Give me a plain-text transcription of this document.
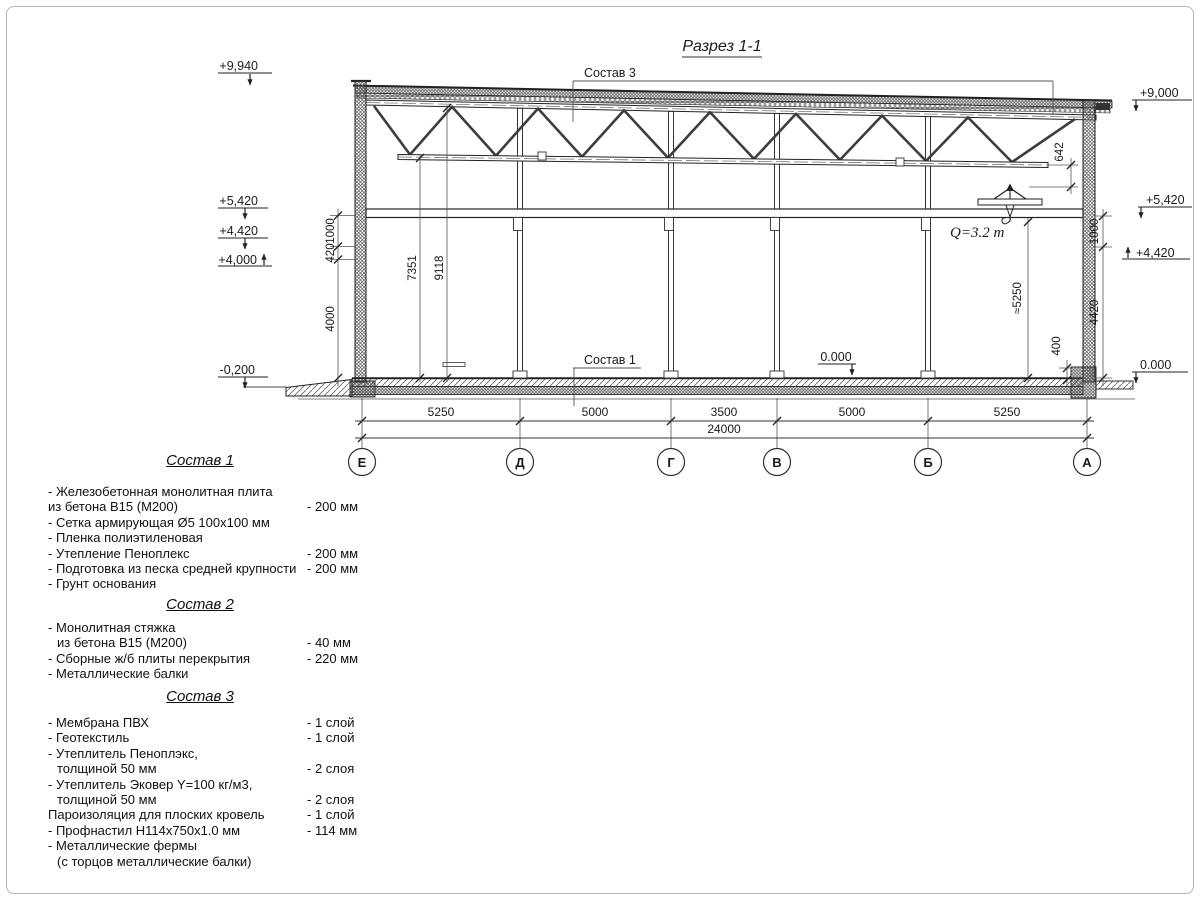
Разрез 1-1
Q=3.2 т
Состав 3
Состав 1
+9,940
+5,420
+4,420
+4,000
-0,200
+9,000
+5,420
+4,420
0.000
0.000
1000
420
4000
7351 9118
1000
4420
642
400
≈5250
5250	5000	3500	5000	5250
24000
Е	Д	Г	В	Б	А
Состав 1
- Железобетонная монолитная плита
из бетона В15 (М200)	- 200 мм
- Сетка армирующая Ø5 100х100 мм
- Пленка полиэтиленовая
- Утепление Пеноплекс	- 200 мм
- Подготовка из песка средней крупности - 200 мм
- Грунт основания
Состав 2
- Монолитная стяжка
из бетона В15 (М200)	- 40 мм
- Сборные ж/б плиты перекрытия	- 220 мм
- Металлические балки
Состав 3
- Мембрана ПВХ	- 1 слой
- Геотекстиль	- 1 слой
- Утеплитель Пеноплэкс,
толщиной 50 мм	- 2 слоя
- Утеплитель Эковер Y=100 кг/м3,
толщиной 50 мм	- 2 слоя
Пароизоляция для плоских кровель	- 1 слой
- Профнастил Н114х750х1.0 мм	- 114 мм
- Металлические фермы
(с торцов металлические балки)
